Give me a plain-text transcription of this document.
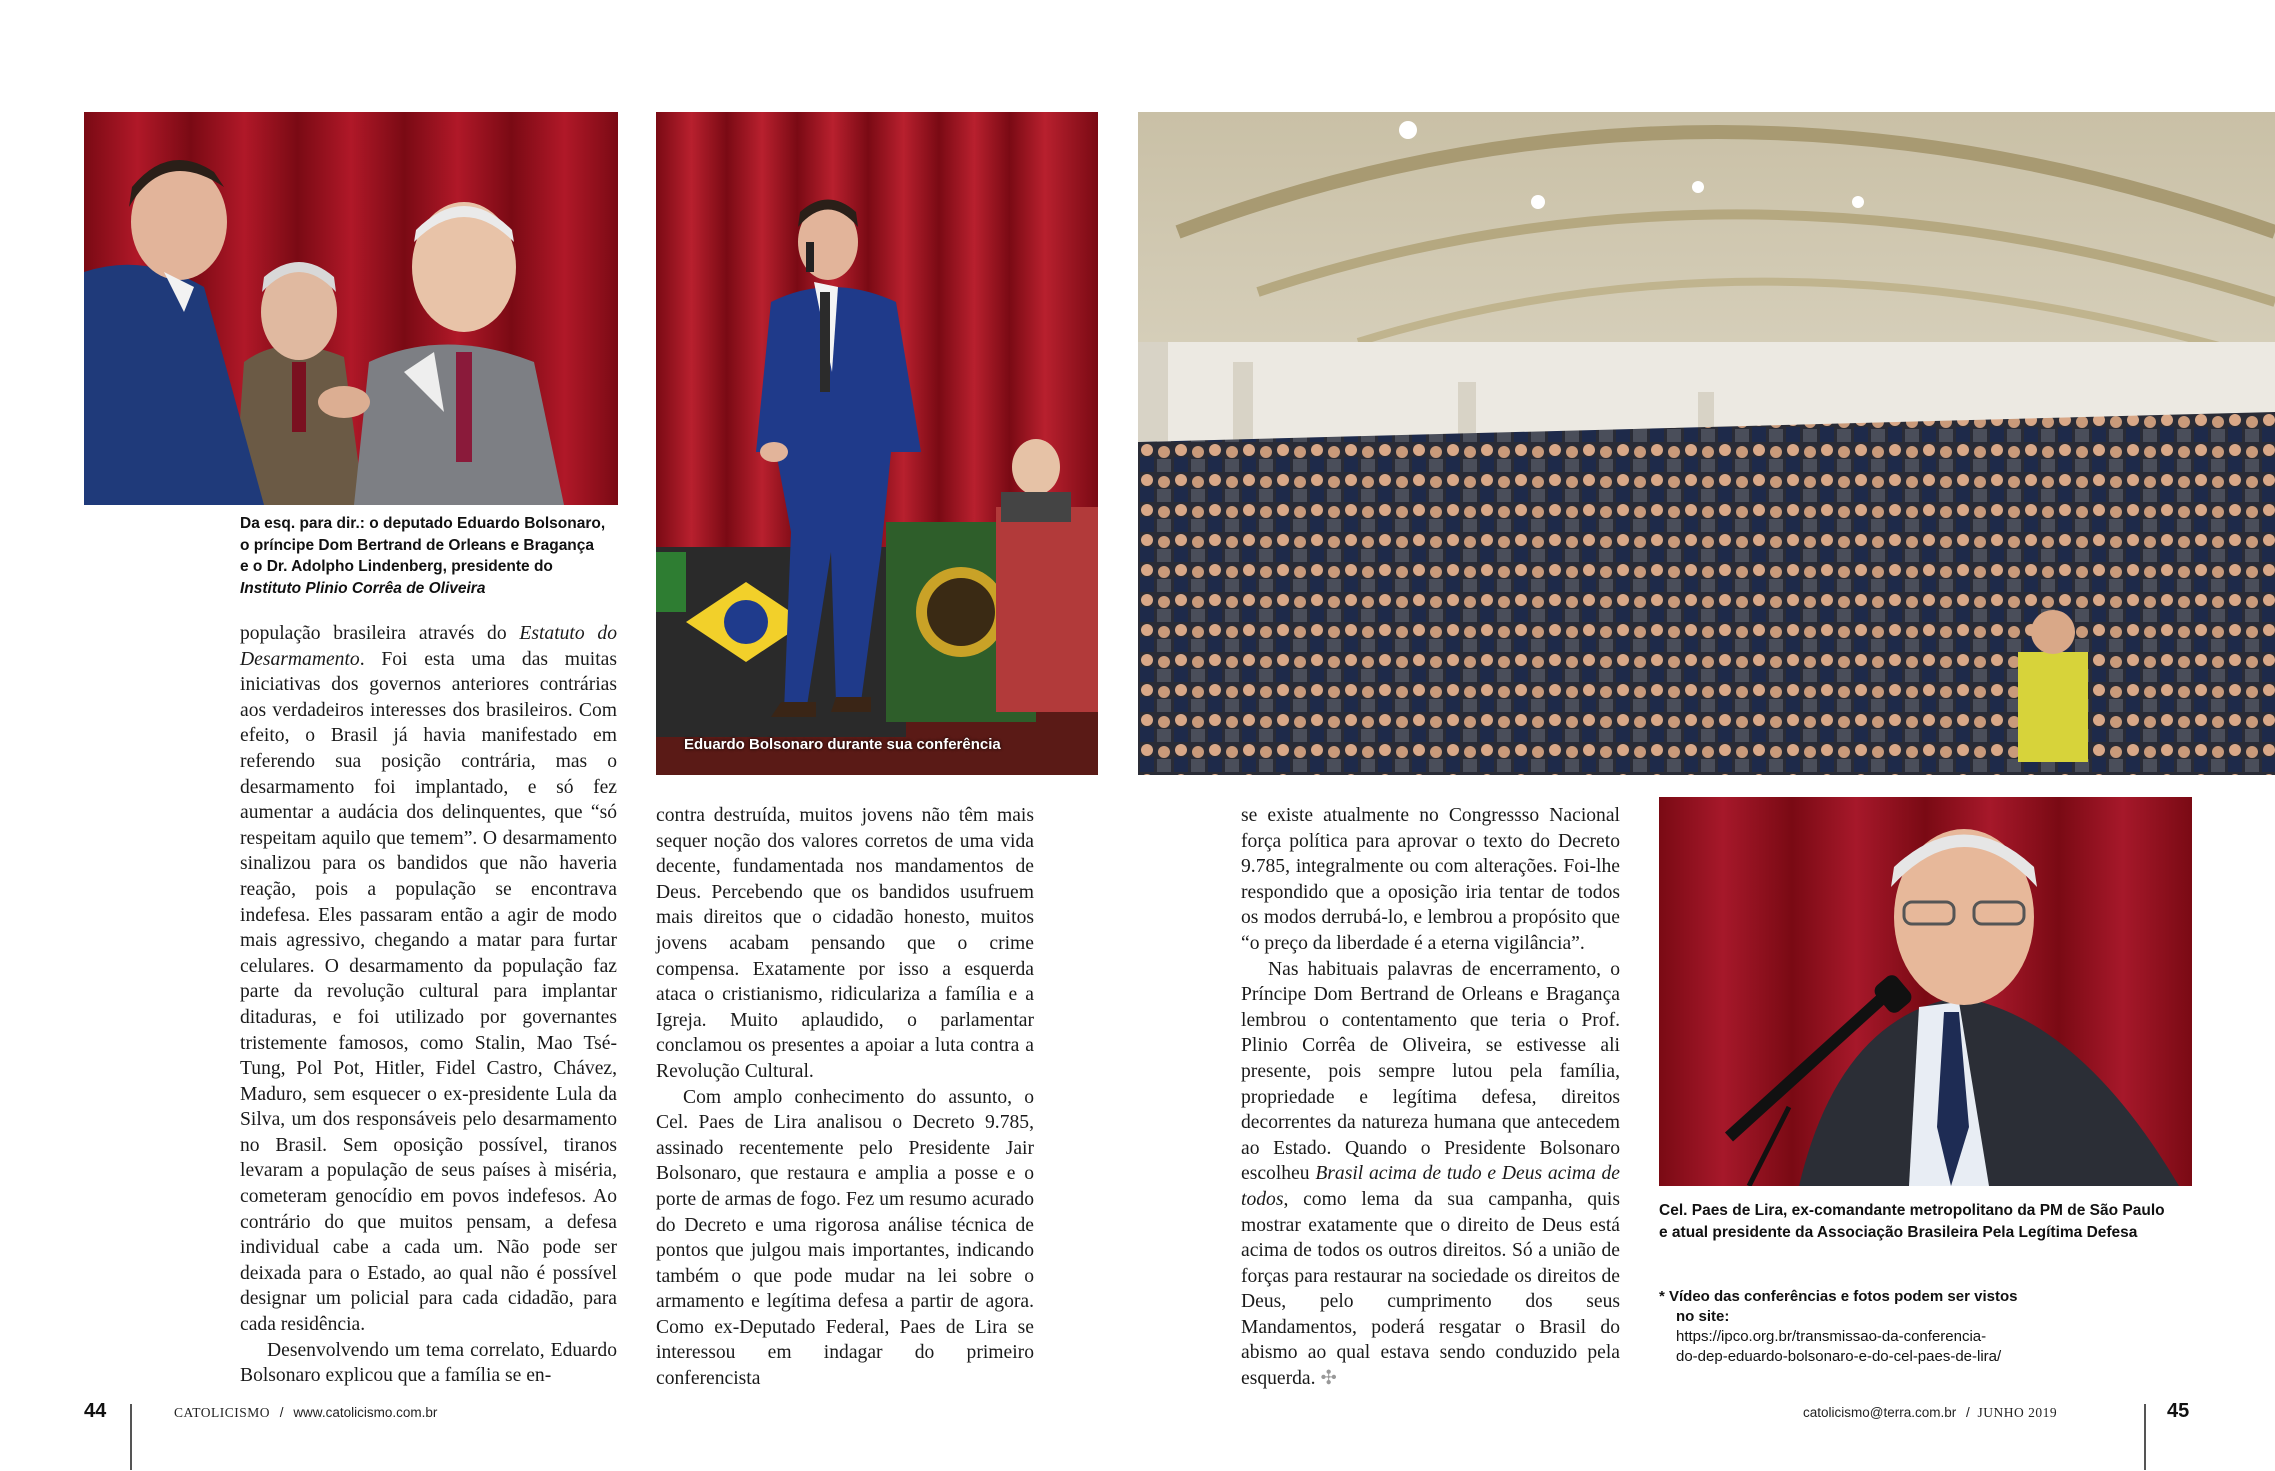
Da esq. para dir.: o deputado Eduardo Bolsonaro,
o príncipe Dom Bertrand de Orleans e Bragança
e o Dr. Adolpho Lindenberg, presidente do
Instituto Plinio Corrêa de Oliveira
Eduardo Bolsonaro durante sua conferência
Cel. Paes de Lira, ex-comandante metropolitano da PM de São Paulo
e atual presidente da Associação Brasileira Pela Legítima Defesa

população brasileira através do Estatuto do Desarmamento. Foi esta uma das muitas iniciativas dos governos anteriores contrárias aos verdadeiros interesses dos brasileiros. Com efeito, o Brasil já havia manifestado em referendo sua posição contrária, mas o desarmamento foi implantado, e só fez aumentar a audácia dos delinquentes, que “só respeitam aquilo que temem”. O desarmamento sinalizou para os bandidos que não haveria reação, pois a população se encontrava indefesa. Eles passaram então a agir de modo mais agressivo, chegando a matar para furtar celulares. O desarmamento da população faz parte da revolução cultural para implantar ditaduras, e foi utilizado por governantes tristemente famosos, como Stalin, Mao Tsé-Tung, Pol Pot, Hitler, Fidel Castro, Chávez, Maduro, sem esquecer o ex-presidente Lula da Silva, um dos responsáveis pelo desarmamento no Brasil. Sem oposição possível, tiranos levaram a população de seus países à miséria, cometeram genocídio em povos indefesos. Ao contrário do que muitos pensam, a defesa individual cabe a cada um. Não pode ser deixada para o Estado, ao qual não é possível designar um policial para cada cidadão, para cada residência.

Desenvolvendo um tema correlato, Eduardo Bolsonaro explicou que a família se en-

contra destruída, muitos jovens não têm mais sequer noção dos valores corretos de uma vida decente, fundamentada nos mandamentos de Deus. Percebendo que os bandidos usufruem mais direitos que o cidadão honesto, muitos jovens acabam pensando que o crime compensa. Exatamente por isso a esquerda ataca o cristianismo, ridiculariza a família e a Igreja. Muito aplaudido, o parlamentar conclamou os presentes a apoiar a luta contra a Revolução Cultural.

Com amplo conhecimento do assunto, o Cel. Paes de Lira analisou o Decreto 9.785, assinado recentemente pelo Presidente Jair Bolsonaro, que restaura e amplia a posse e o porte de armas de fogo. Fez um resumo acurado do Decreto e uma rigorosa análise técnica de pontos que julgou mais importantes, indicando também o que pode mudar na lei sobre o armamento e legítima defesa a partir de agora. Como ex-Deputado Federal, Paes de Lira se interessou em indagar do primeiro conferencista

se existe atualmente no Congressso Nacional força política para aprovar o texto do Decreto 9.785, integralmente ou com alterações. Foi-lhe respondido que a oposição iria tentar de todos os modos derrubá-lo, e lembrou a propósito que “o preço da liberdade é a eterna vigilância”.

Nas habituais palavras de encerramento, o Príncipe Dom Bertrand de Orleans e Bragança lembrou o contentamento que teria o Prof. Plinio Corrêa de Oliveira, se estivesse ali presente, pois sempre lutou pela família, propriedade e legítima defesa, direitos decorrentes da natureza humana que antecedem ao Estado. Quando o Presidente Bolsonaro escolheu Brasil acima de tudo e Deus acima de todos, como lema da sua campanha, quis mostrar exatamente que o direito de Deus está acima de todos os outros direitos. Só a união de forças para restaurar na sociedade os direitos de Deus, pelo cumprimento dos seus Mandamentos, poderá resgatar o Brasil do abismo ao qual estava sendo conduzido pela esquerda. ✣

* Vídeo das conferências e fotos podem ser vistos
no site:
https://ipco.org.br/transmissao-da-conferencia-
do-dep-eduardo-bolsonaro-e-do-cel-paes-de-lira/
44	CATOLICISMO / www.catolicismo.com.br	catolicismo@terra.com.br / JUNHO 2019	45
